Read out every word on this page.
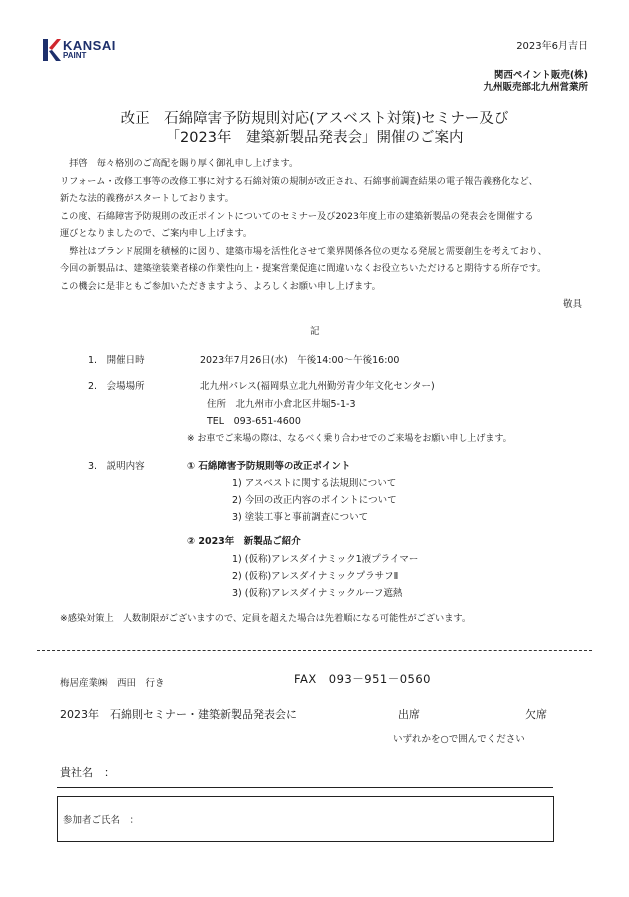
KANSAI
PAINT
2023年6月吉日
関西ペイント販売(株)
九州販売部北九州営業所
改正　石綿障害予防規則対応(アスベスト対策)セミナー及び
「2023年　建築新製品発表会」開催のご案内

拝啓　毎々格別のご高配を賜り厚く御礼申し上げます。

リフォーム・改修工事等の改修工事に対する石綿対策の規制が改正され、石綿事前調査結果の電子報告義務化など、

新たな法的義務がスタートしております。

この度、石綿障害予防規則の改正ポイントについてのセミナー及び2023年度上市の建築新製品の発表会を開催する

運びとなりましたので、ご案内申し上げます。

弊社はブランド展開を積極的に図り、建築市場を活性化させて業界関係各位の更なる発展と需要創生を考えており、

今回の新製品は、建築塗装業者様の作業性向上・提案営業促進に間違いなくお役立ちいただけると期待する所存です。

この機会に是非ともご参加いただきますよう、よろしくお願い申し上げます。

敬具
記
1.　開催日時	2023年7月26日(水)　午後14:00～午後16:00
2.　会場場所	北九州パレス(福岡県立北九州勤労青少年文化センター)
住所　北九州市小倉北区井堀5-1-3
TEL　093-651-4600
※ お車でご来場の際は、なるべく乗り合わせでのご来場をお願い申し上げます。
3.　説明内容	① 石綿障害予防規則等の改正ポイント
1) アスベストに関する法規則について
2) 今回の改正内容のポイントについて
3) 塗装工事と事前調査について
② 2023年　新製品ご紹介
1) (仮称)アレスダイナミック1液プライマー
2) (仮称)アレスダイナミックプラサフⅡ
3) (仮称)アレスダイナミックルーフ遮熱
※感染対策上　人数制限がございますので、定員を超えた場合は先着順になる可能性がございます。
梅居産業㈱　西田　行き	FAX　093－951－0560
2023年　石綿則セミナー・建築新製品発表会に	出席	欠席
いずれかを○で囲んでください
貴社名　：
参加者ご氏名　：
